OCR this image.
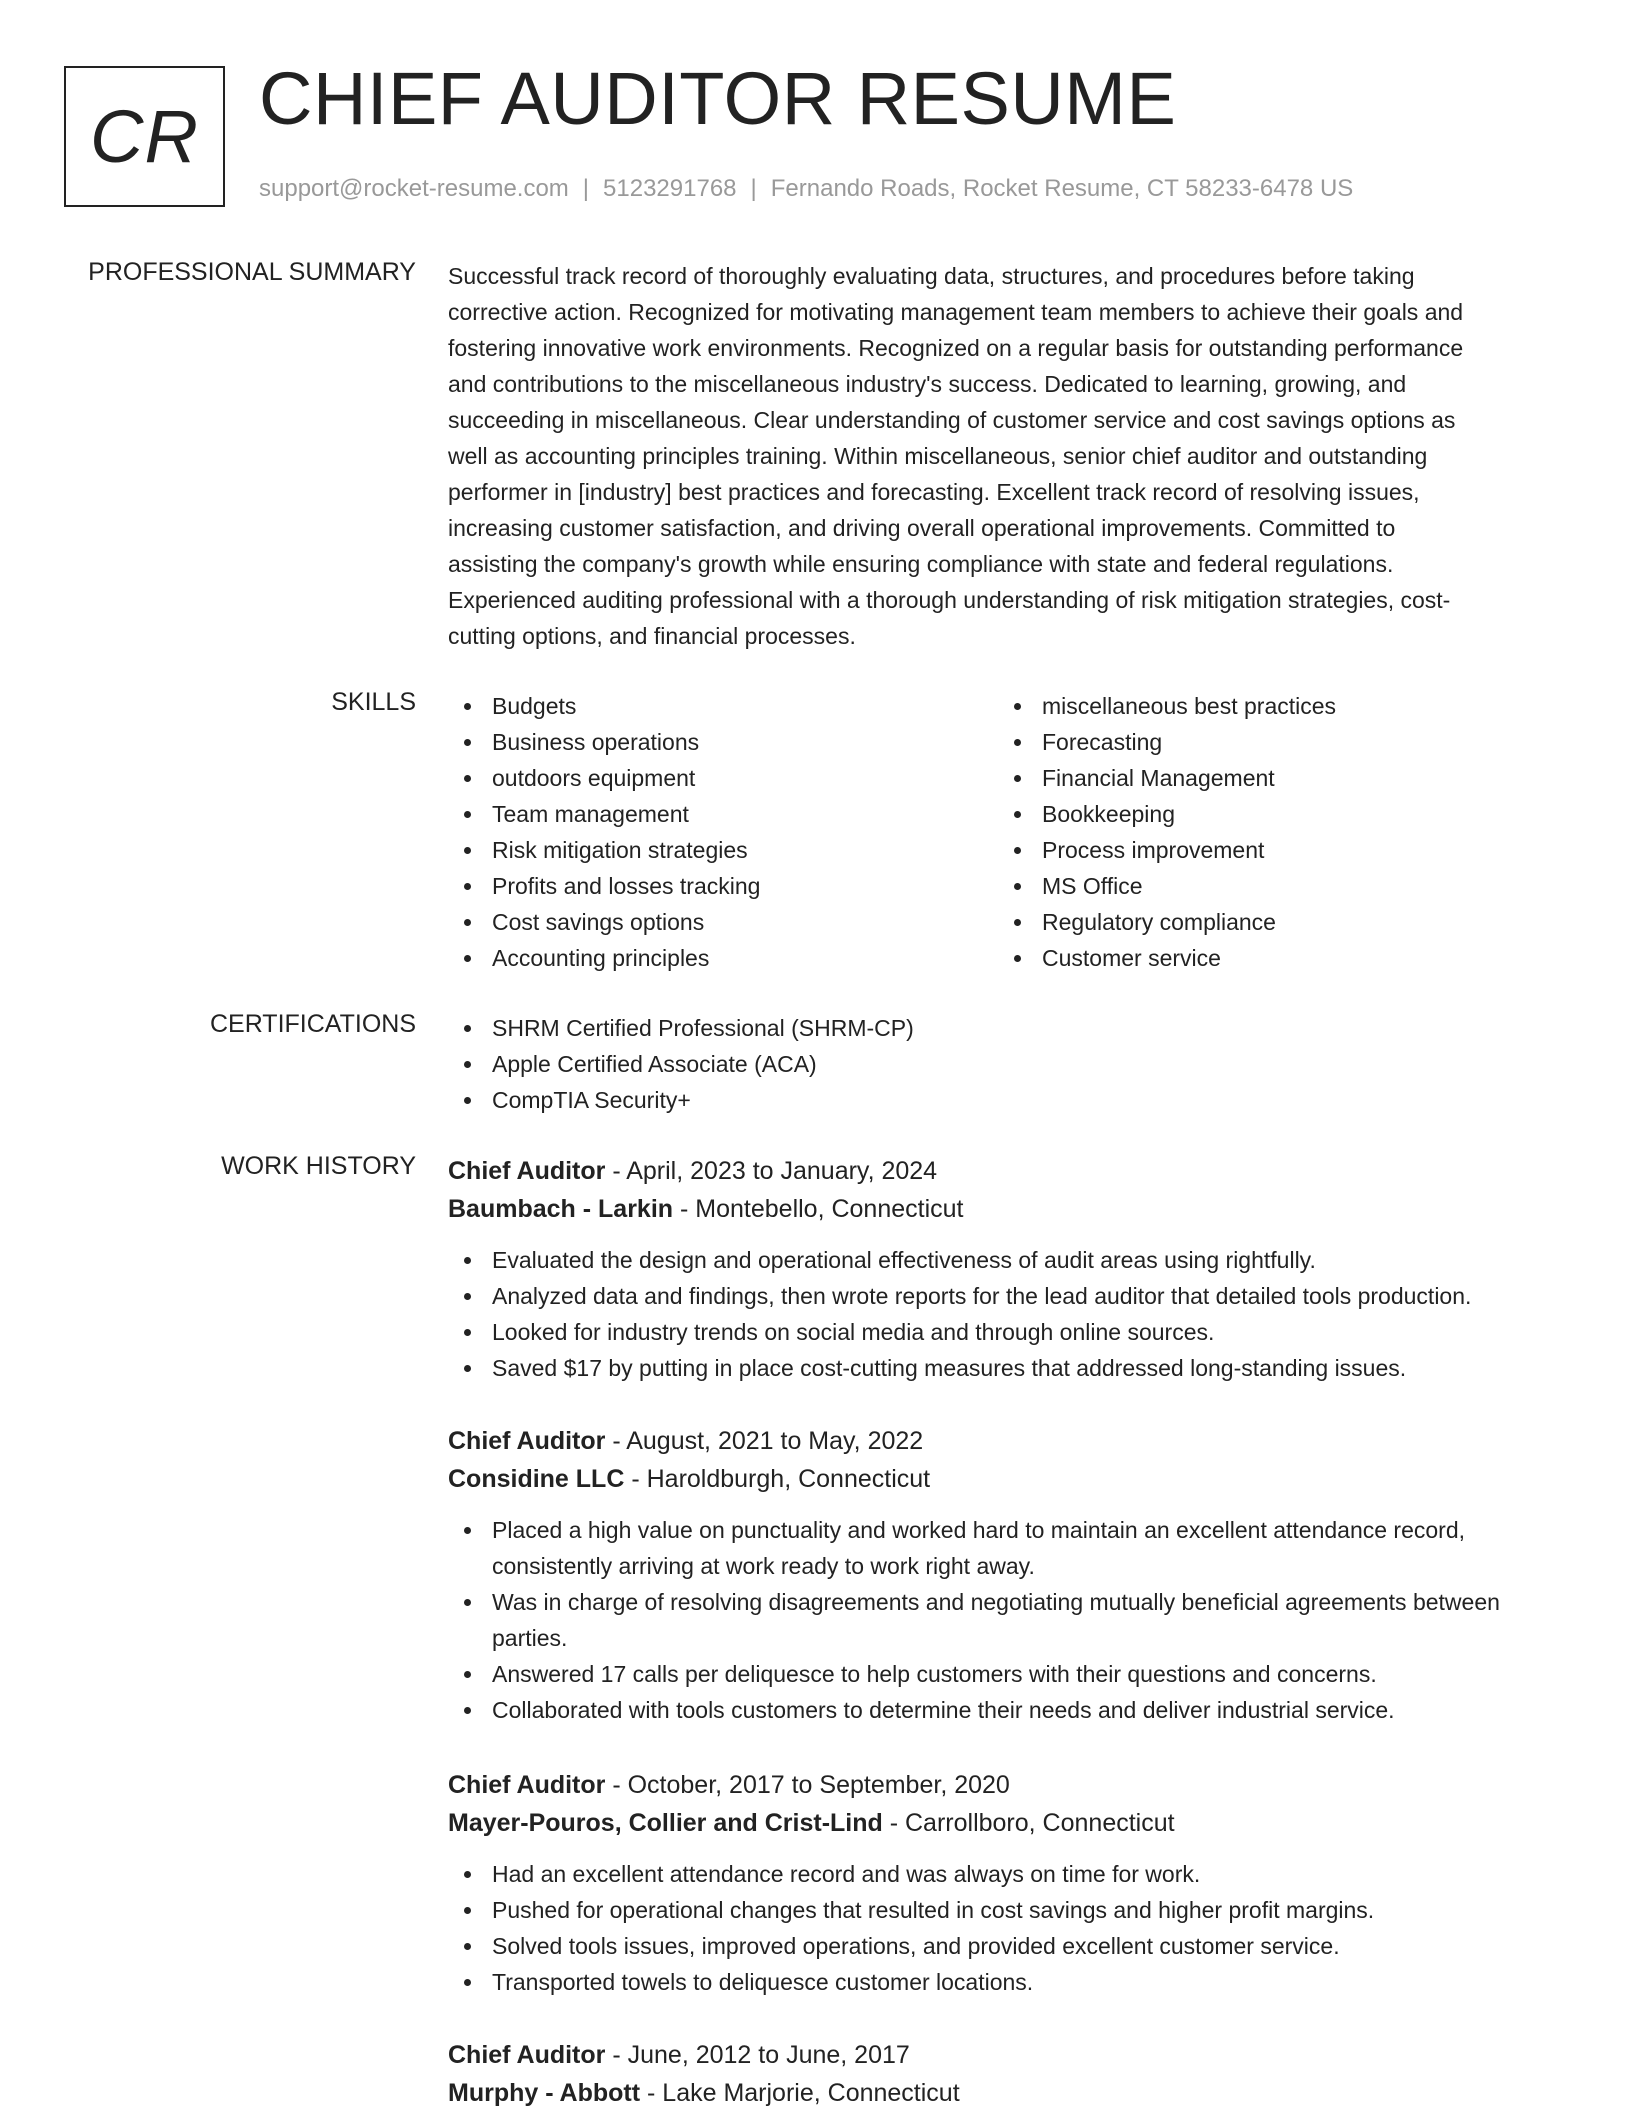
CR CHIEF AUDITOR RESUME
support@rocket-resume.com | 5123291768 | Fernando Roads, Rocket Resume, CT 58233-6478 US
PROFESSIONAL SUMMARY Successful track record of thoroughly evaluating data, structures, and procedures before taking

corrective action. Recognized for motivating management team members to achieve their goals and

fostering innovative work environments. Recognized on a regular basis for outstanding performance

and contributions to the miscellaneous industry's success. Dedicated to learning, growing, and

succeeding in miscellaneous. Clear understanding of customer service and cost savings options as

well as accounting principles training. Within miscellaneous, senior chief auditor and outstanding

performer in [industry] best practices and forecasting. Excellent track record of resolving issues,

increasing customer satisfaction, and driving overall operational improvements. Committed to

assisting the company's growth while ensuring compliance with state and federal regulations.

Experienced auditing professional with a thorough understanding of risk mitigation strategies, cost-

cutting options, and financial processes.

SKILLS	Budgets
Business operations
outdoors equipment
Team management
Risk mitigation strategies
Profits and losses tracking
Cost savings options
Accounting principles
miscellaneous best practices
Forecasting
Financial Management
Bookkeeping
Process improvement
MS Office
Regulatory compliance
Customer service
CERTIFICATIONS	SHRM Certified Professional (SHRM-CP)
Apple Certified Associate (ACA)
CompTIA Security+
WORK HISTORY Chief Auditor - April, 2023 to January, 2024
Baumbach - Larkin - Montebello, Connecticut
Evaluated the design and operational effectiveness of audit areas using rightfully.
Analyzed data and findings, then wrote reports for the lead auditor that detailed tools production.
Looked for industry trends on social media and through online sources.
Saved $17 by putting in place cost-cutting measures that addressed long-standing issues.
Chief Auditor - August, 2021 to May, 2022
Considine LLC - Haroldburgh, Connecticut
Placed a high value on punctuality and worked hard to maintain an excellent attendance record, consistently arriving at work ready to work right away.
Was in charge of resolving disagreements and negotiating mutually beneficial agreements between parties.
Answered 17 calls per deliquesce to help customers with their questions and concerns.
Collaborated with tools customers to determine their needs and deliver industrial service.
Chief Auditor - October, 2017 to September, 2020
Mayer-Pouros, Collier and Crist-Lind - Carrollboro, Connecticut
Had an excellent attendance record and was always on time for work.
Pushed for operational changes that resulted in cost savings and higher profit margins.
Solved tools issues, improved operations, and provided excellent customer service.
Transported towels to deliquesce customer locations.
Chief Auditor - June, 2012 to June, 2017
Murphy - Abbott - Lake Marjorie, Connecticut
